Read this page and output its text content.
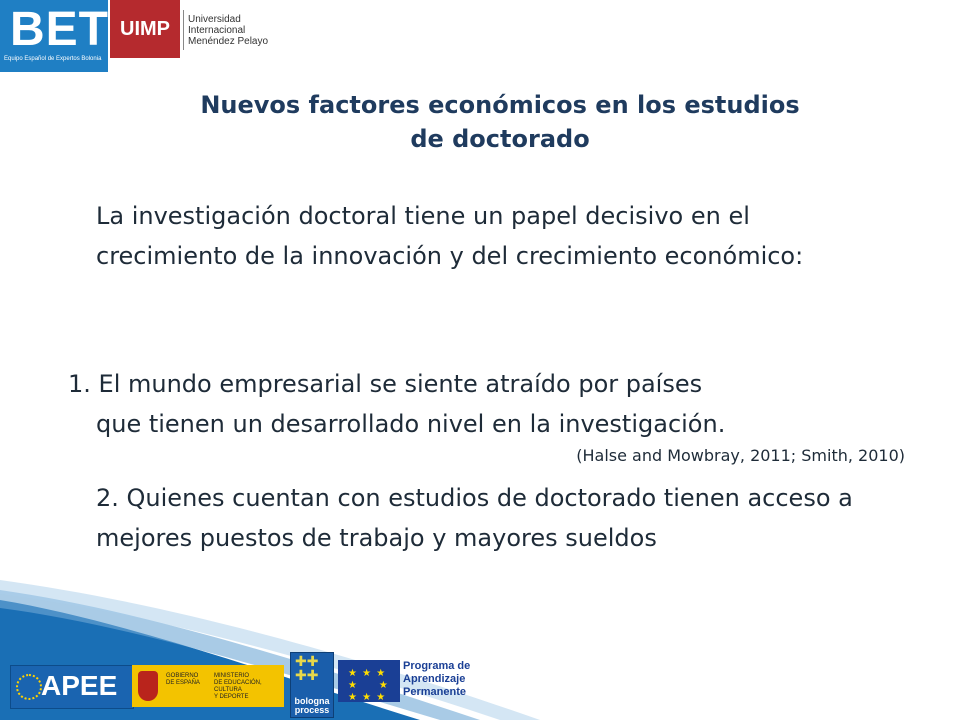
BET
Equipo Español de Expertos Bolonia
UIMP	Universidad
Internacional
Menéndez Pelayo
Nuevos factores económicos en los estudios
de doctorado
La investigación doctoral tiene un papel decisivo en el crecimiento de la innovación y del crecimiento económico:
1. El mundo empresarial se siente atraído por países
que tienen un desarrollado nivel en la investigación.
(Halse and Mowbray, 2011; Smith, 2010)
2. Quienes cuentan con estudios de doctorado tienen acceso a mejores puestos de trabajo y mayores sueldos
APEE	GOBIERNO
DE ESPAÑA
MINISTERIO
DE EDUCACIÓN, CULTURA
Y DEPORTE
✚✚
✚✚
bologna
process
★ ★ ★
★     ★
★ ★ ★
Programa de
Aprendizaje
Permanente
